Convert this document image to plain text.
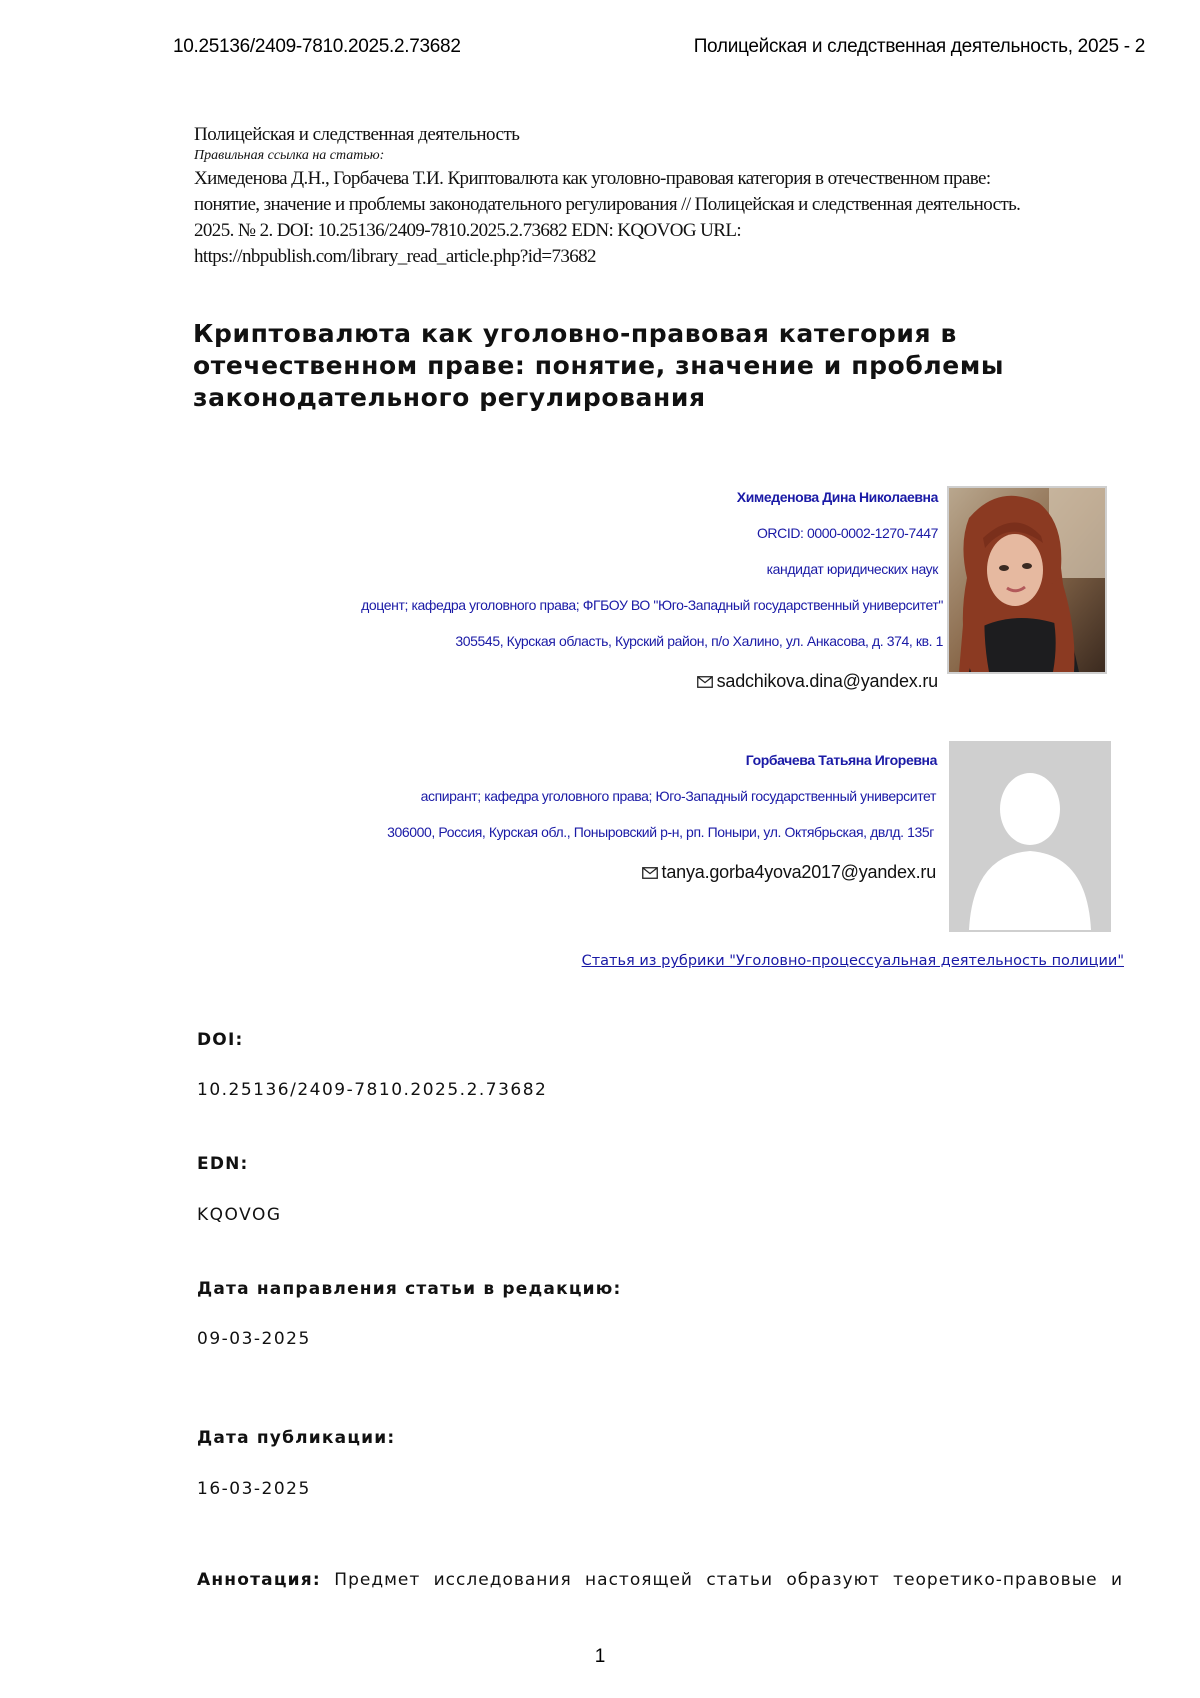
10.25136/2409-7810.2025.2.73682	Полицейская и следственная деятельность, 2025 - 2
Полицейская и следственная деятельность
Правильная ссылка на статью:
Химеденова Д.Н., Горбачева Т.И. Криптовалюта как уголовно-правовая категория в отечественном праве:
понятие, значение и проблемы законодательного регулирования // Полицейская и следственная деятельность.
2025. № 2. DOI: 10.25136/2409-7810.2025.2.73682 EDN: KQOVOG URL:
https://nbpublish.com/library_read_article.php?id=73682
Криптовалюта как уголовно-правовая категория в отечественном праве: понятие, значение и проблемы законодательного регулирования
Химеденова Дина Николаевна
ORCID: 0000-0002-1270-7447
кандидат юридических наук
доцент; кафедра уголовного права; ФГБОУ ВО "Юго-Западный государственный университет"
305545, Курская область, Курский район, п/о Халино, ул. Анкасова, д. 374, кв. 1
sadchikova.dina@yandex.ru
Горбачева Татьяна Игоревна
аспирант; кафедра уголовного права; Юго-Западный государственный университет
306000, Россия, Курская обл., Поныровский р-н, рп. Поныри, ул. Октябрьская, двлд. 135г
tanya.gorba4yova2017@yandex.ru
Статья из рубрики "Уголовно-процессуальная деятельность полиции"
DOI:
10.25136/2409-7810.2025.2.73682
EDN:
KQOVOG
Дата направления статьи в редакцию:
09-03-2025
Дата публикации:
16-03-2025
Аннотация: Предмет исследования настоящей статьи образуют теоретико-правовые и
1
